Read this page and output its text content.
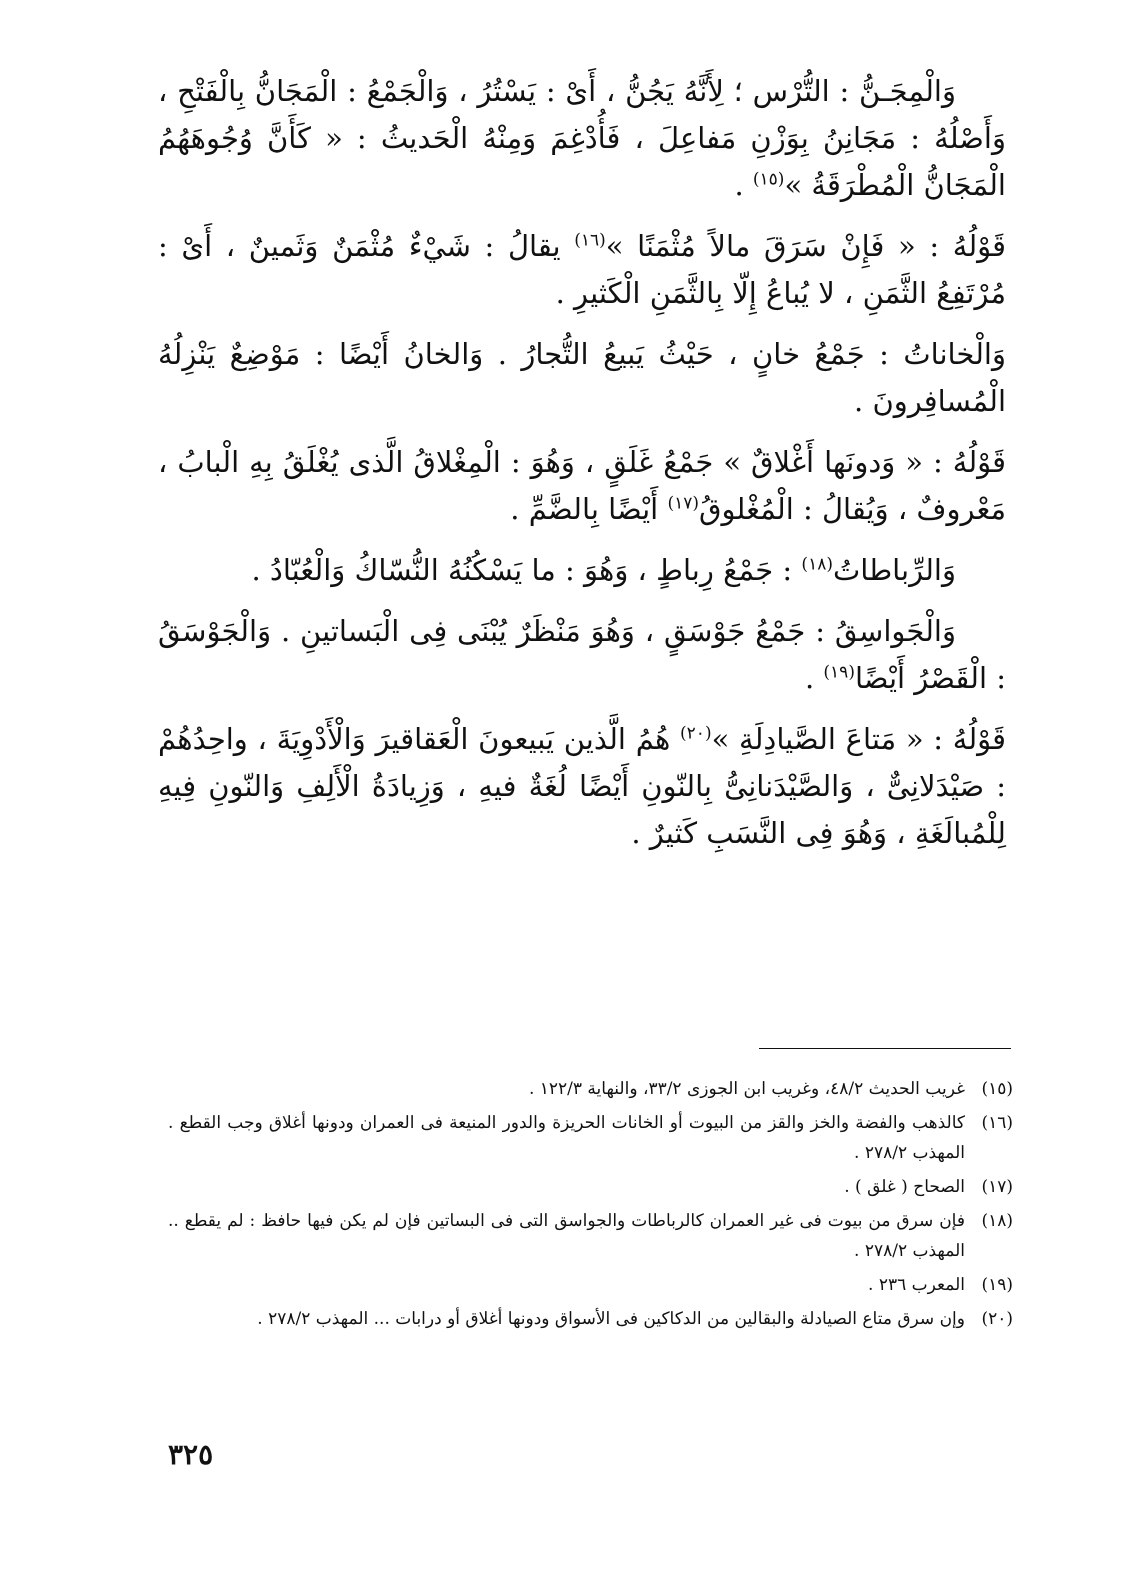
وَالْمِجَـنُّ : التُّرْس ؛ لِأَنَّهُ يَجُنُّ ، أَىْ : يَسْتُرُ ، وَالْجَمْعُ : الْمَجَانُّ بِالْفَتْحِ ، وَأَصْلُهُ : مَجَانِنُ بِوَزْنِ مَفاعِلَ ، فَأُدْغِمَ وَمِنْهُ الْحَديثُ : « كَأَنَّ وُجُوهَهُمُ الْمَجَانُّ الْمُطْرَقَةُ »$^{(١٥)}$ .

قَوْلُهُ : « فَإِنْ سَرَقَ مالاً مُثْمَنًا »$^{(١٦)}$ يقالُ : شَيْءٌ مُثْمَنٌ وَثَمينٌ ، أَىْ : مُرْتَفِعُ الثَّمَنِ ، لا يُباعُ إِلّا بِالثَّمَنِ الْكَثيرِ .

وَالْخاناتُ : جَمْعُ خانٍ ، حَيْثُ يَبيعُ التُّجارُ . وَالخانُ أَيْضًا : مَوْضِعٌ يَنْزِلُهُ الْمُسافِرونَ .

قَوْلُهُ : « وَدونَها أَغْلاقٌ » جَمْعُ غَلَقٍ ، وَهُوَ : الْمِغْلاقُ الَّذى يُغْلَقُ بِهِ الْبابُ ، مَعْروفٌ ، وَيُقالُ : الْمُغْلوقُ$^{(١٧)}$ أَيْضًا بِالضَّمِّ .

وَالرِّباطاتُ$^{(١٨)}$ : جَمْعُ رِباطٍ ، وَهُوَ : ما يَسْكُنُهُ النُّسّاكُ وَالْعُبّادُ .

وَالْجَواسِقُ : جَمْعُ جَوْسَقٍ ، وَهُوَ مَنْظَرٌ يُبْنَى فِى الْبَساتينِ . وَالْجَوْسَقُ : الْقَصْرُ أَيْضًا$^{(١٩)}$ .

قَوْلُهُ : « مَتاعَ الصَّيادِلَةِ »$^{(٢٠)}$ هُمُ الَّذين يَبيعونَ الْعَقاقيرَ وَالْأَدْوِيَةَ ، واحِدُهُمْ : صَيْدَلانِىٌّ ، وَالصَّيْدَنانِىُّ بِالنّونِ أَيْضًا لُغَةٌ فيهِ ، وَزِيادَةُ الْأَلِفِ وَالنّونِ فِيهِ لِلْمُبالَغَةِ ، وَهُوَ فِى النَّسَبِ كَثيرٌ .

(١٥)
غريب الحديث ٤٨/٢، وغريب ابن الجوزى ٣٣/٢، والنهاية ١٢٢/٣ .
(١٦)
كالذهب والفضة والخز والقز من البيوت أو الخانات الحريزة والدور المنيعة فى العمران ودونها أغلاق وجب القطع . المهذب ٢٧٨/٢ .
(١٧)
الصحاح ( غلق ) .
(١٨)
فإن سرق من بيوت فى غير العمران كالرباطات والجواسق التى فى البساتين فإن لم يكن فيها حافظ : لم يقطع .. المهذب ٢٧٨/٢ .
(١٩)
المعرب ٢٣٦ .
(٢٠)
وإن سرق متاع الصيادلة والبقالين من الدكاكين فى الأسواق ودونها أغلاق أو درابات ... المهذب ٢٧٨/٢ .
٣٢٥
